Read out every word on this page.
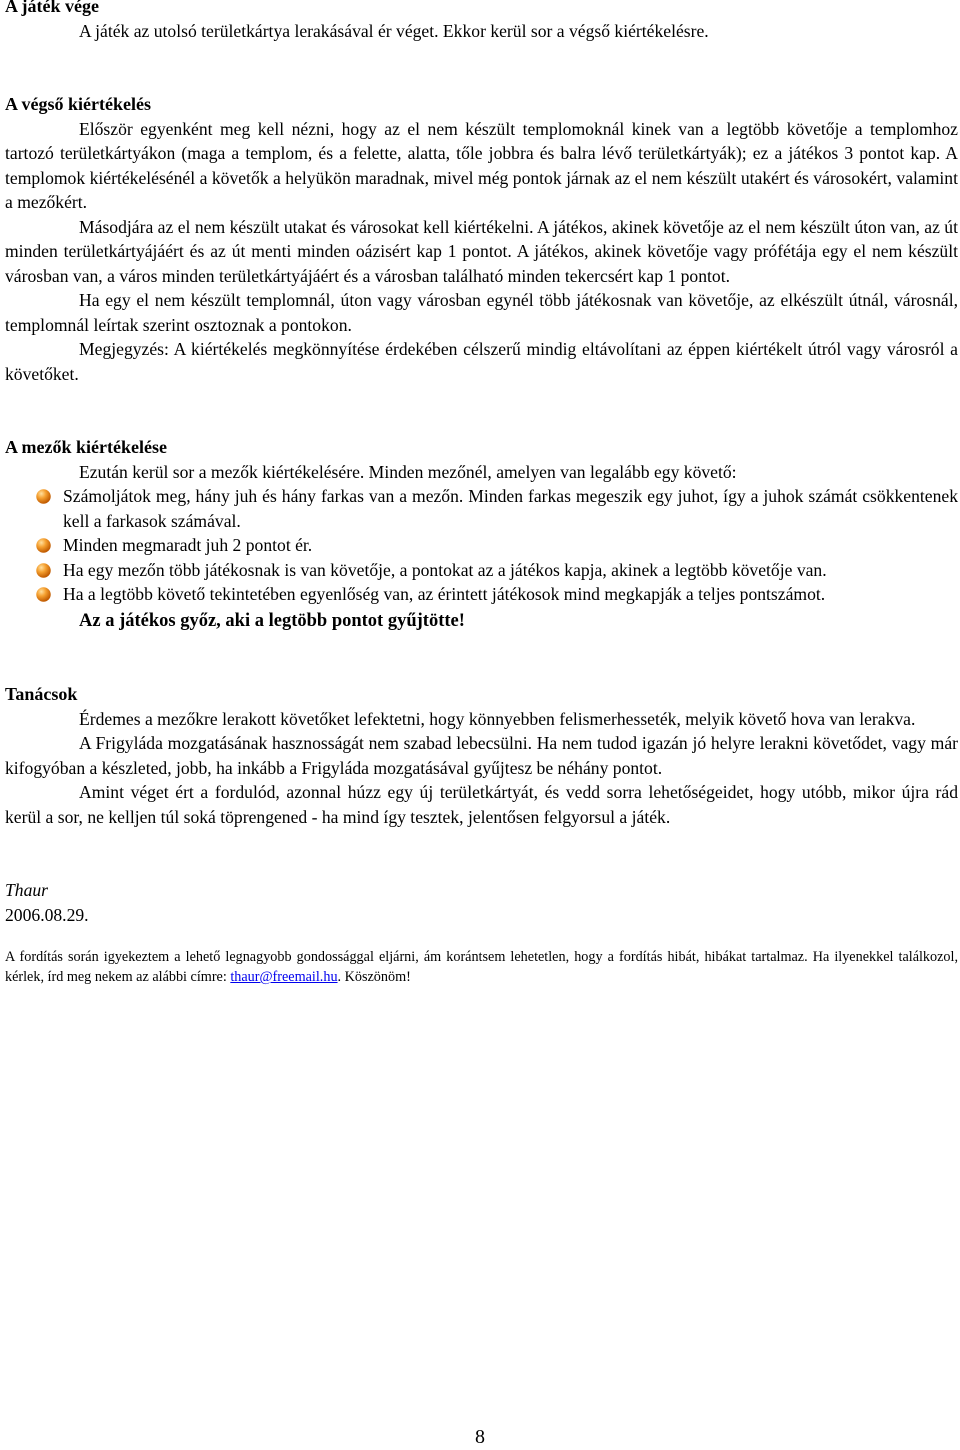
A játék vége

A játék az utolsó területkártya lerakásával ér véget. Ekkor kerül sor a végső kiértékelésre.

A végső kiértékelés

Először egyenként meg kell nézni, hogy az el nem készült templomoknál kinek van a legtöbb követője a templomhoz tartozó területkártyákon (maga a templom, és a felette, alatta, tőle jobbra és balra lévő területkártyák); ez a játékos 3 pontot kap. A templomok kiértékelésénél a követők a helyükön maradnak, mivel még pontok járnak az el nem készült utakért és városokért, valamint a mezőkért.

Másodjára az el nem készült utakat és városokat kell kiértékelni. A játékos, akinek követője az el nem készült úton van, az út minden területkártyájáért és az út menti minden oázisért kap 1 pontot. A játékos, akinek követője vagy prófétája egy el nem készült városban van, a város minden területkártyájáért és a városban található minden tekercsért kap 1 pontot.

Ha egy el nem készült templomnál, úton vagy városban egynél több játékosnak van követője, az elkészült útnál, városnál, templomnál leírtak szerint osztoznak a pontokon.

Megjegyzés: A kiértékelés megkönnyítése érdekében célszerű mindig eltávolítani az éppen kiértékelt útról vagy városról a követőket.

A mezők kiértékelése

Ezután kerül sor a mezők kiértékelésére. Minden mezőnél, amelyen van legalább egy követő:

Számoljátok meg, hány juh és hány farkas van a mezőn. Minden farkas megeszik egy juhot, így a juhok számát csökkentenek kell a farkasok számával.
Minden megmaradt juh 2 pontot ér.
Ha egy mezőn több játékosnak is van követője, a pontokat az a játékos kapja, akinek a legtöbb követője van.
Ha a legtöbb követő tekintetében egyenlőség van, az érintett játékosok mind megkapják a teljes pontszámot.

Az a játékos győz, aki a legtöbb pontot gyűjtötte!

Tanácsok

Érdemes a mezőkre lerakott követőket lefektetni, hogy könnyebben felismerhesseték, melyik követő hova van lerakva.

A Frigyláda mozgatásának hasznosságát nem szabad lebecsülni. Ha nem tudod igazán jó helyre lerakni követődet, vagy már kifogyóban a készleted, jobb, ha inkább a Frigyláda mozgatásával gyűjtesz be néhány pontot.

Amint véget ért a fordulód, azonnal húzz egy új területkártyát, és vedd sorra lehetőségeidet, hogy utóbb, mikor újra rád kerül a sor, ne kelljen túl soká töprengened - ha mind így tesztek, jelentősen felgyorsul a játék.

Thaur

2006.08.29.

A fordítás során igyekeztem a lehető legnagyobb gondossággal eljárni, ám korántsem lehetetlen, hogy a fordítás hibát, hibákat tartalmaz. Ha ilyenekkel találkozol, kérlek, írd meg nekem az alábbi címre: thaur@freemail.hu. Köszönöm!

8
